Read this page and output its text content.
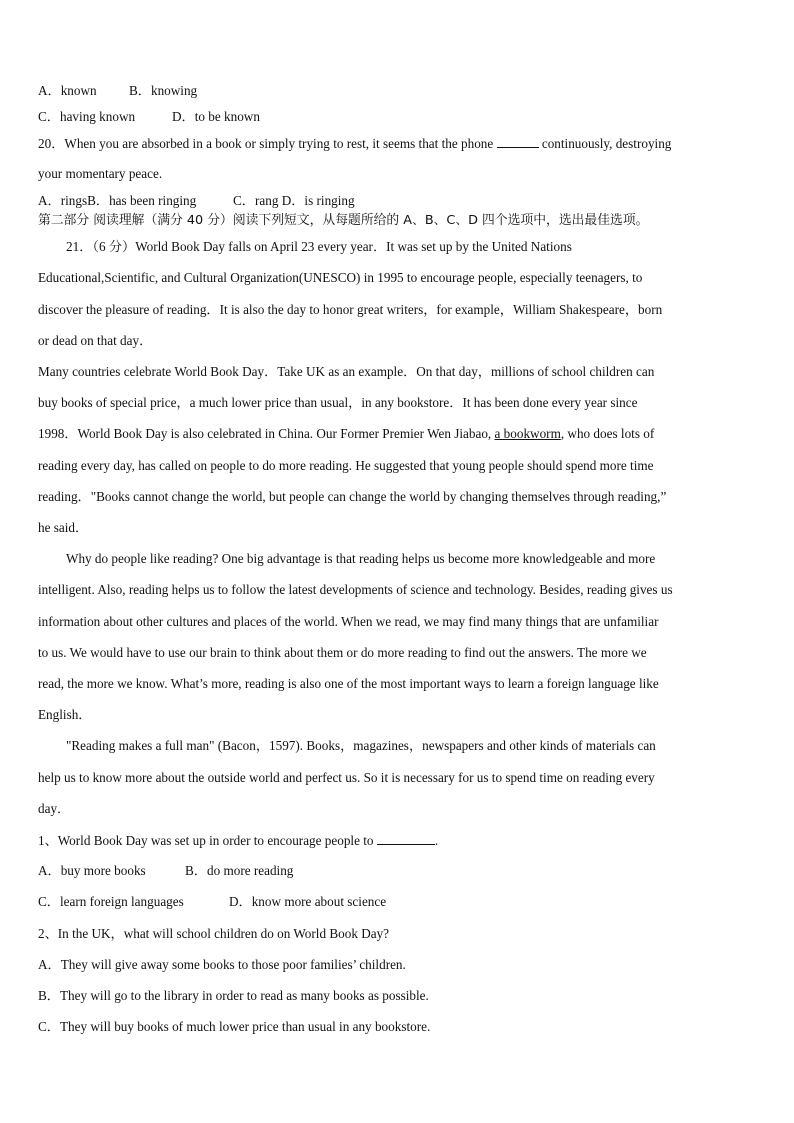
A．known B．knowing
C．having known	D．to be known
20．When you are absorbed in a book or simply trying to rest, it seems that the phone	continuously, destroying
your momentary peace.
A．ringsB．has been ringing	C．rang D．is ringing
第二部分 阅读理解（满分 40 分）阅读下列短文，从每题所给的 A、B、C、D 四个选项中，选出最佳选项。
21．（6 分）World Book Day falls on April 23 every year．It was set up by the United Nations
Educational,Scientific, and Cultural Organization(UNESCO) in 1995 to encourage people, especially teenagers, to
discover the pleasure of reading．It is also the day to honor great writers，for example，William Shakespeare，born
or dead on that day．
Many countries celebrate World Book Day．Take UK as an example．On that day，millions of school children can
buy books of special price，a much lower price than usual，in any bookstore．It has been done every year since
1998．World Book Day is also celebrated in China. Our Former Premier Wen Jiabao, a bookworm, who does lots of
reading every day, has called on people to do more reading. He suggested that young people should spend more time
reading．"Books cannot change the world, but people can change the world by changing themselves through reading,”
he said．
Why do people like reading? One big advantage is that reading helps us become more knowledgeable and more
intelligent. Also, reading helps us to follow the latest developments of science and technology. Besides, reading gives us
information about other cultures and places of the world. When we read, we may find many things that are unfamiliar
to us. We would have to use our brain to think about them or do more reading to find out the answers. The more we
read, the more we know. What’s more, reading is also one of the most important ways to learn a foreign language like
English．
"Reading makes a full man" (Bacon，1597). Books，magazines，newspapers and other kinds of materials can
help us to know more about the outside world and perfect us. So it is necessary for us to spend time on reading every
day．
1、World Book Day was set up in order to encourage people to	.
A．buy more books	B．do more reading
C．learn foreign languages	D．know more about science
2、In the UK，what will school children do on World Book Day?
A．They will give away some books to those poor families’ children.
B．They will go to the library in order to read as many books as possible.
C．They will buy books of much lower price than usual in any bookstore.
